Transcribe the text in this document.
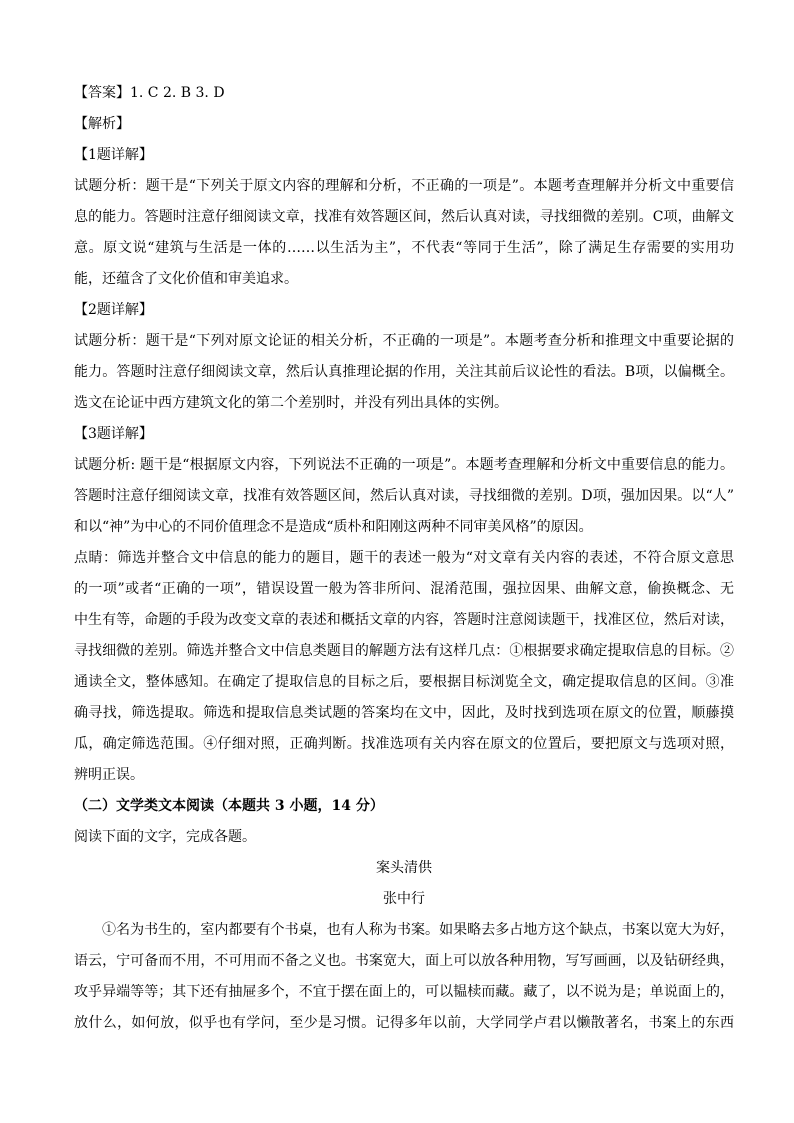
【答案】1. C 2. B 3. D
【解析】
【1题详解】
试题分析：题干是“下列关于原文内容的理解和分析，不正确的一项是”。本题考查理解并分析文中重要信
息的能力。答题时注意仔细阅读文章，找准有效答题区间，然后认真对读，寻找细微的差别。C项，曲解文
意。原文说“建筑与生活是一体的……以生活为主”，不代表“等同于生活”，除了满足生存需要的实用功
能，还蕴含了文化价值和审美追求。
【2题详解】
试题分析：题干是“下列对原文论证的相关分析，不正确的一项是”。本题考查分析和推理文中重要论据的
能力。答题时注意仔细阅读文章，然后认真推理论据的作用，关注其前后议论性的看法。B项，以偏概全。
选文在论证中西方建筑文化的第二个差别时，并没有列出具体的实例。
【3题详解】
试题分析: 题干是“根据原文内容，下列说法不正确的一项是”。本题考查理解和分析文中重要信息的能力。
答题时注意仔细阅读文章，找准有效答题区间，然后认真对读，寻找细微的差别。D项，强加因果。以“人”
和以“神”为中心的不同价值理念不是造成“质朴和阳刚这两种不同审美风格”的原因。
点睛：筛选并整合文中信息的能力的题目，题干的表述一般为“对文章有关内容的表述，不符合原文意思
的一项”或者“正确的一项”，错误设置一般为答非所问、混淆范围，强拉因果、曲解文意，偷换概念、无
中生有等，命题的手段为改变文章的表述和概括文章的内容，答题时注意阅读题干，找准区位，然后对读，
寻找细微的差别。筛选并整合文中信息类题目的解题方法有这样几点：①根据要求确定提取信息的目标。②
通读全文，整体感知。在确定了提取信息的目标之后，要根据目标浏览全文，确定提取信息的区间。③准
确寻找，筛选提取。筛选和提取信息类试题的答案均在文中，因此，及时找到选项在原文的位置，顺藤摸
瓜，确定筛选范围。④仔细对照，正确判断。找准选项有关内容在原文的位置后，要把原文与选项对照，
辨明正误。
（二）文学类文本阅读（本题共 3 小题，14 分）
阅读下面的文字，完成各题。
案头清供
张中行
①名为书生的，室内都要有个书桌，也有人称为书案。如果略去多占地方这个缺点，书案以宽大为好，
语云，宁可备而不用，不可用而不备之义也。书案宽大，面上可以放各种用物，写写画画，以及钻研经典，
攻乎异端等等；其下还有抽屉多个，不宜于摆在面上的，可以韫椟而藏。藏了，以不说为是；单说面上的，
放什么，如何放，似乎也有学问，至少是习惯。记得多年以前，大学同学卢君以懒散著名，书案上的东西
